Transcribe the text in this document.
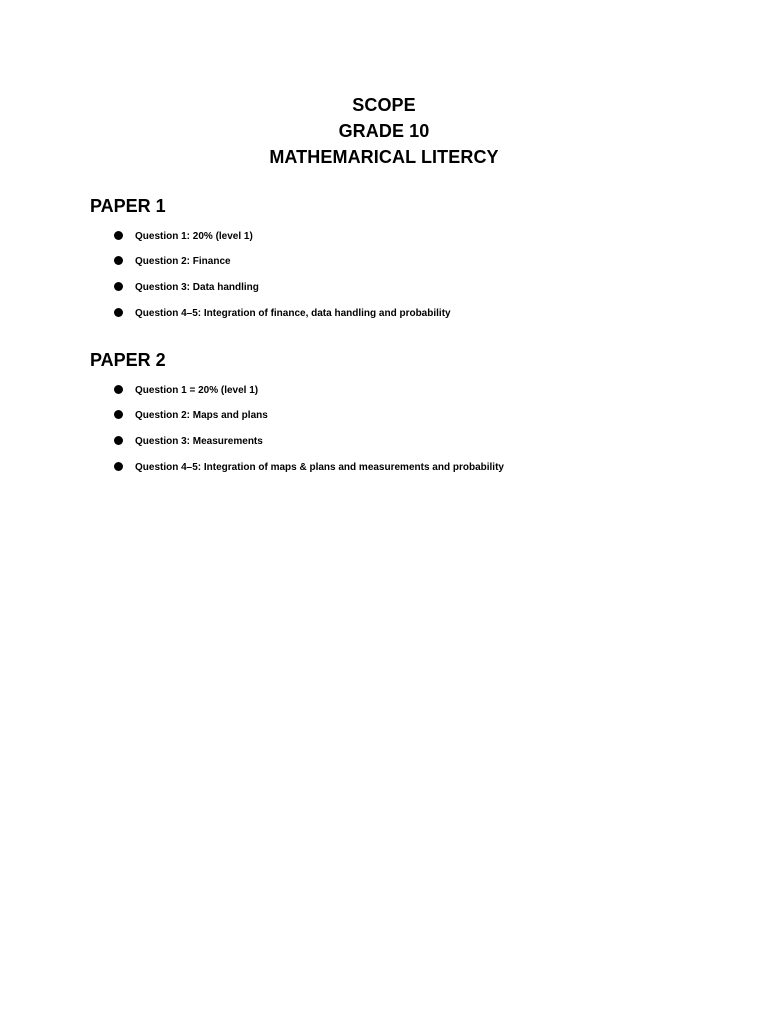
SCOPE
GRADE 10
MATHEMARICAL LITERCY
PAPER 1
Question 1: 20% (level 1)
Question 2: Finance
Question 3: Data handling
Question 4–5: Integration of finance, data handling and probability
PAPER 2
Question 1 = 20% (level 1)
Question 2: Maps and plans
Question 3: Measurements
Question 4–5: Integration of maps & plans and measurements and probability
